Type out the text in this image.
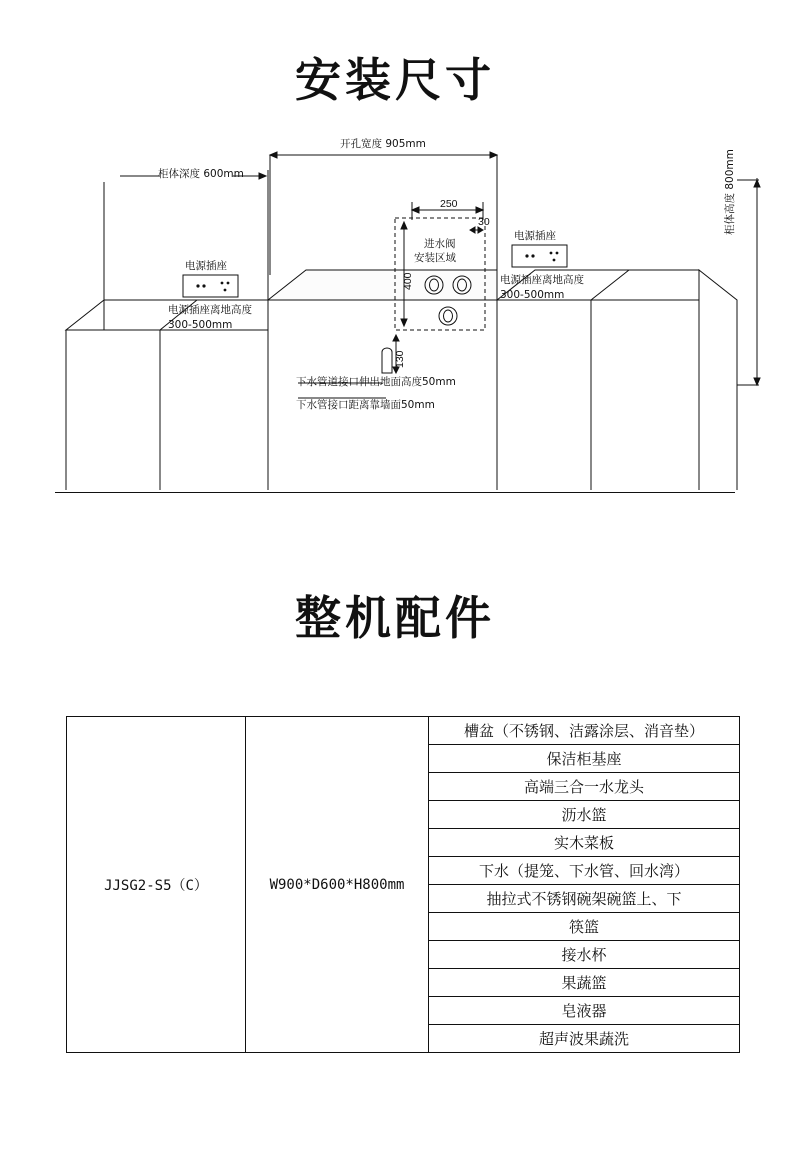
安装尺寸
开孔宽度 905mm
柜体深度 600mm	柜体高度 800mm
250
30
400
130
进水阀
安装区域
电源插座
电源插座
电源插座离地高度
300-500mm
电源插座离地高度
300-500mm
下水管道接口伸出地面高度50mm
下水管接口距离靠墙面50mm
整机配件
JJSG2-S5（C）	W900*D600*H800mm	槽盆（不锈钢、洁露涂层、消音垫）
保洁柜基座
高端三合一水龙头
沥水篮
实木菜板
下水（提笼、下水管、回水湾）
抽拉式不锈钢碗架碗篮上、下
筷篮
接水杯
果蔬篮
皂液器
超声波果蔬洗
